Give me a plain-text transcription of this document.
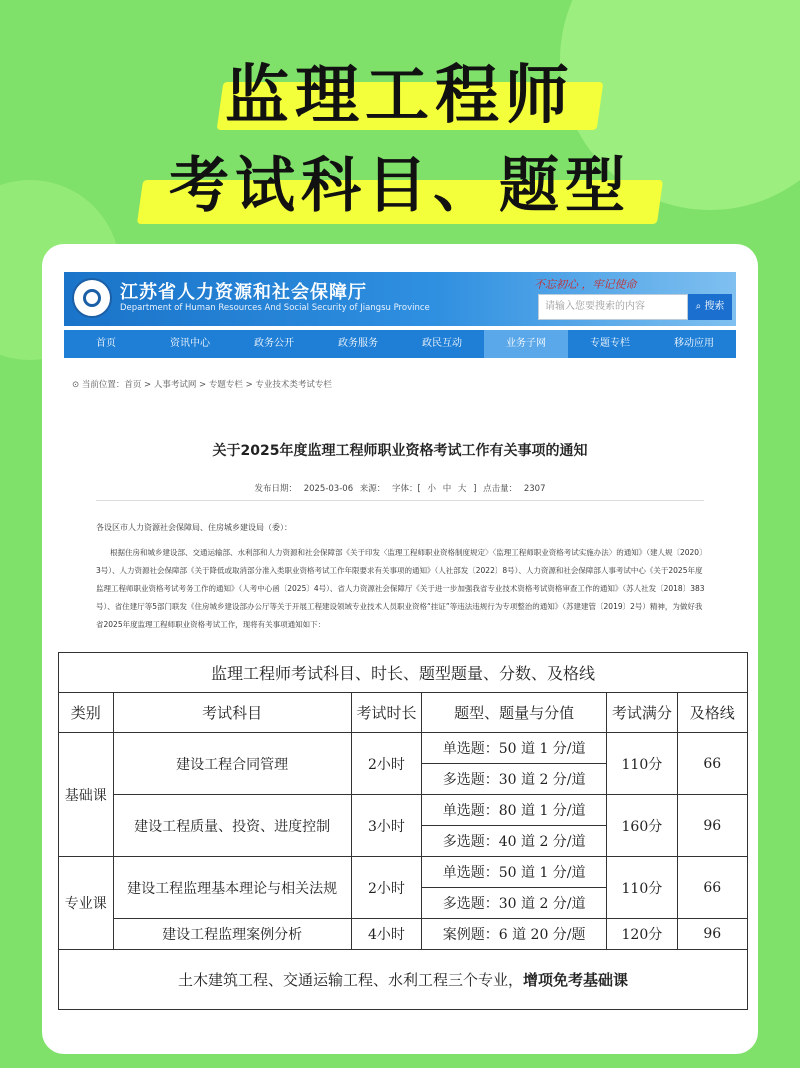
监理工程师
考试科目、题型
江苏省人力资源和社会保障厅
Department of Human Resources And Social Security of Jiangsu Province
不忘初心 ，牢记使命
请输入您要搜索的内容	⌕ 搜索
首页	资讯中心	政务公开	政务服务	政民互动	业务子网	专题专栏	移动应用
⊙ 当前位置：首页 > 人事考试网 > 专题专栏 > 专业技术类考试专栏
关于2025年度监理工程师职业资格考试工作有关事项的通知
发布日期： 2025-03-06 来源： 字体：[ 小 中 大 ] 点击量： 2307
各设区市人力资源社会保障局、住房城乡建设局（委）：
根据住房和城乡建设部、交通运输部、水利部和人力资源和社会保障部《关于印发〈监理工程师职业资格制度规定〉〈监理工程师职业资格考试实施办法〉的通知》（建人规〔2020〕3号）、人力资源社会保障部《关于降低或取消部分准入类职业资格考试工作年限要求有关事项的通知》（人社部发〔2022〕8号）、人力资源和社会保障部人事考试中心《关于2025年度监理工程师职业资格考试考务工作的通知》（人考中心函〔2025〕4号）、省人力资源社会保障厅《关于进一步加强我省专业技术资格考试资格审查工作的通知》（苏人社发〔2018〕383号）、省住建厅等5部门联发《住房城乡建设部办公厅等关于开展工程建设领域专业技术人员职业资格“挂证”等违法违规行为专项整治的通知》（苏建建管〔2019〕2号）精神，为做好我省2025年度监理工程师职业资格考试工作，现将有关事项通知如下：
监理工程师考试科目、时长、题型题量、分数、及格线					
类别	考试科目	考试时长	题型、题量与分值	考试满分	及格线
基础课	建设工程合同管理	2小时	单选题：50 道 1 分/道	110分	66
			多选题：30 道 2 分/道		
	建设工程质量、投资、进度控制	3小时	单选题：80 道 1 分/道	160分	96
			多选题：40 道 2 分/道		
专业课	建设工程监理基本理论与相关法规	2小时	单选题：50 道 1 分/道	110分	66
			多选题：30 道 2 分/道		
	建设工程监理案例分析	4小时	案例题：6 道 20 分/题	120分	96
土木建筑工程、交通运输工程、水利工程三个专业，增项免考基础课					
